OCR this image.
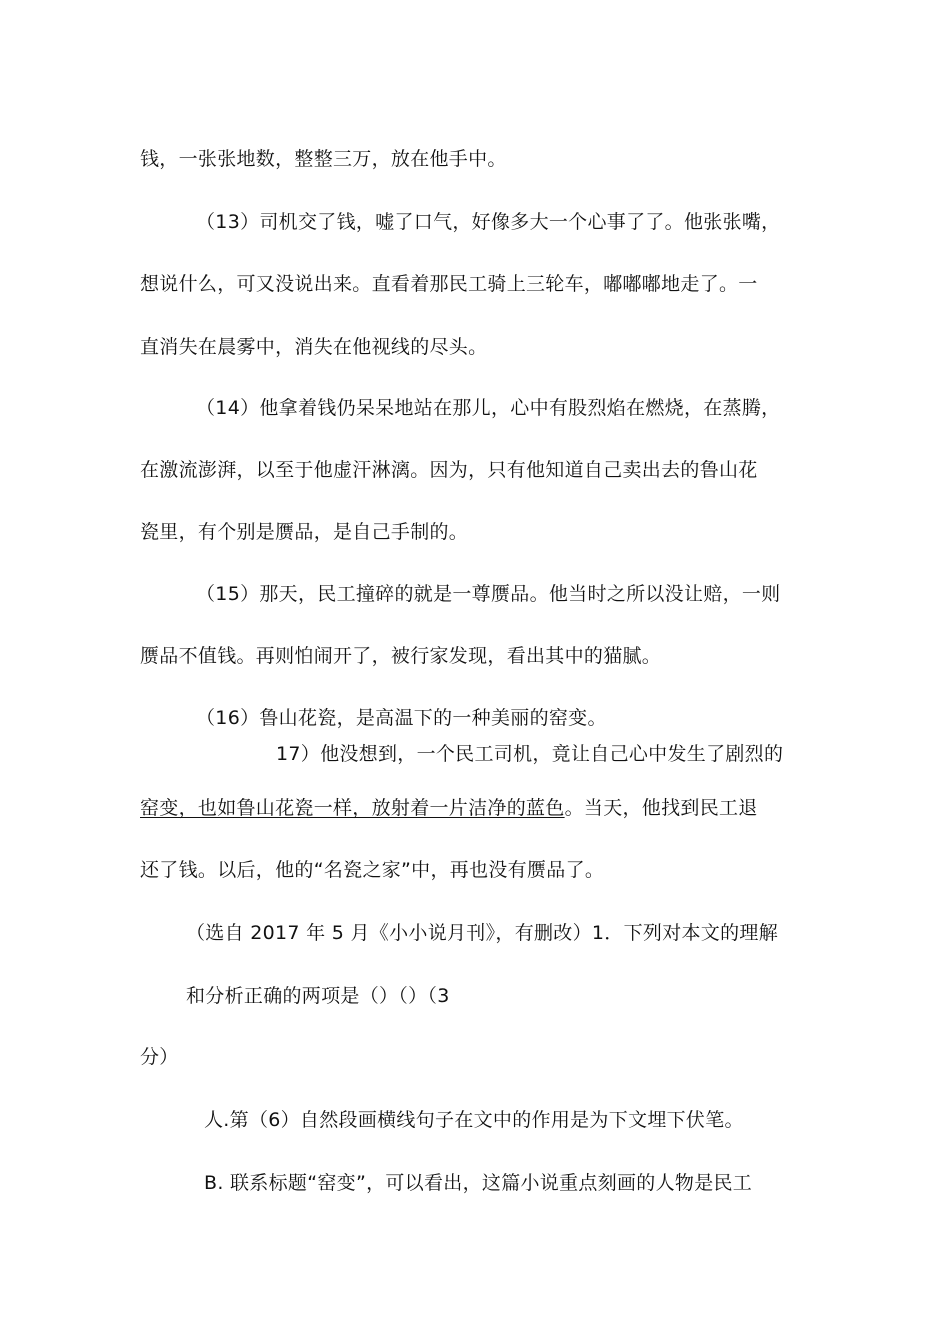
钱，一张张地数，整整三万，放在他手中。
（13）司机交了钱，嘘了口气，好像多大一个心事了了。他张张嘴，
想说什么，可又没说出来。直看着那民工骑上三轮车，嘟嘟嘟地走了。一
直消失在晨雾中，消失在他视线的尽头。
（14）他拿着钱仍呆呆地站在那儿，心中有股烈焰在燃烧，在蒸腾，
在激流澎湃，以至于他虚汗淋漓。因为，只有他知道自己卖出去的鲁山花
瓷里，有个别是赝品，是自己手制的。
（15）那天，民工撞碎的就是一尊赝品。他当时之所以没让赔，一则
赝品不值钱。再则怕闹开了，被行家发现，看出其中的猫腻。
（16）鲁山花瓷，是高温下的一种美丽的窑变。
17）他没想到，一个民工司机，竟让自己心中发生了剧烈的
窑变，也如鲁山花瓷一样，放射着一片洁净的蓝色。当天，他找到民工退
还了钱。以后，他的“名瓷之家”中，再也没有赝品了。
（选自 2017 年 5 月《小小说月刊》，有删改）1．下列对本文的理解
和分析正确的两项是（）（）（3
分）
人.第（6）自然段画横线句子在文中的作用是为下文埋下伏笔。
B. 联系标题“窑变”，可以看出，这篇小说重点刻画的人物是民工
